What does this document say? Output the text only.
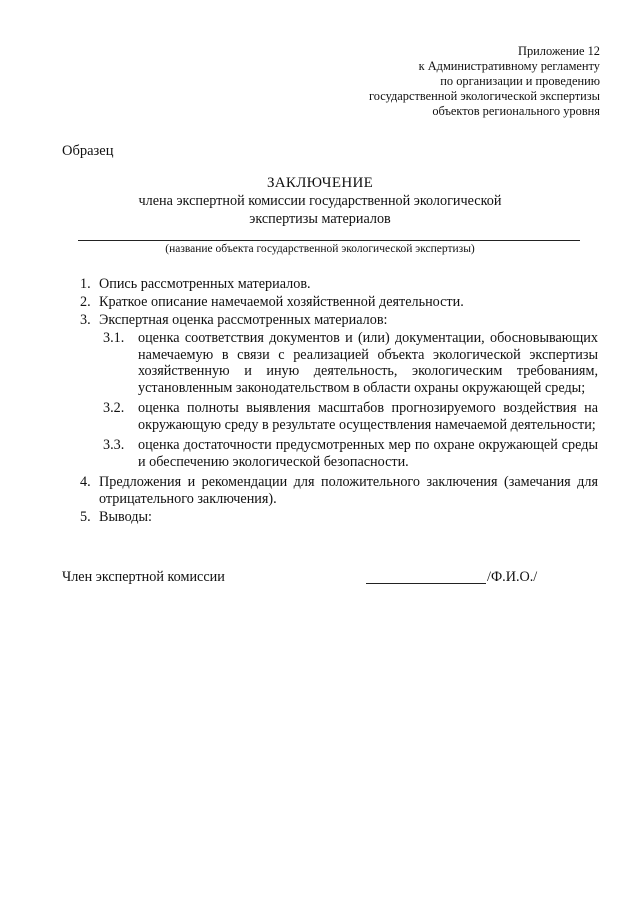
Приложение 12
к Административному регламенту
по организации и проведению
государственной экологической экспертизы
объектов регионального уровня
Образец
ЗАКЛЮЧЕНИЕ
члена экспертной комиссии государственной экологической
экспертизы материалов
(название объекта государственной экологической экспертизы)
1. Опись рассмотренных материалов.
2. Краткое описание намечаемой хозяйственной деятельности.
3. Экспертная оценка рассмотренных материалов:
3.1. оценка соответствия документов и (или) документации, обосновывающих намечаемую в связи с реализацией объекта экологической экспертизы хозяйственную и иную деятельность, экологическим требованиям, установленным законодательством в области охраны окружающей среды;
3.2. оценка полноты выявления масштабов прогнозируемого воздействия на окружающую среду в результате осуществления намечаемой деятельности;
3.3. оценка достаточности предусмотренных мер по охране окружающей среды и обеспечению экологической безопасности.
4. Предложения и рекомендации для положительного заключения (замечания для отрицательного заключения).
5. Выводы:
Член экспертной комиссии	/Ф.И.О./
